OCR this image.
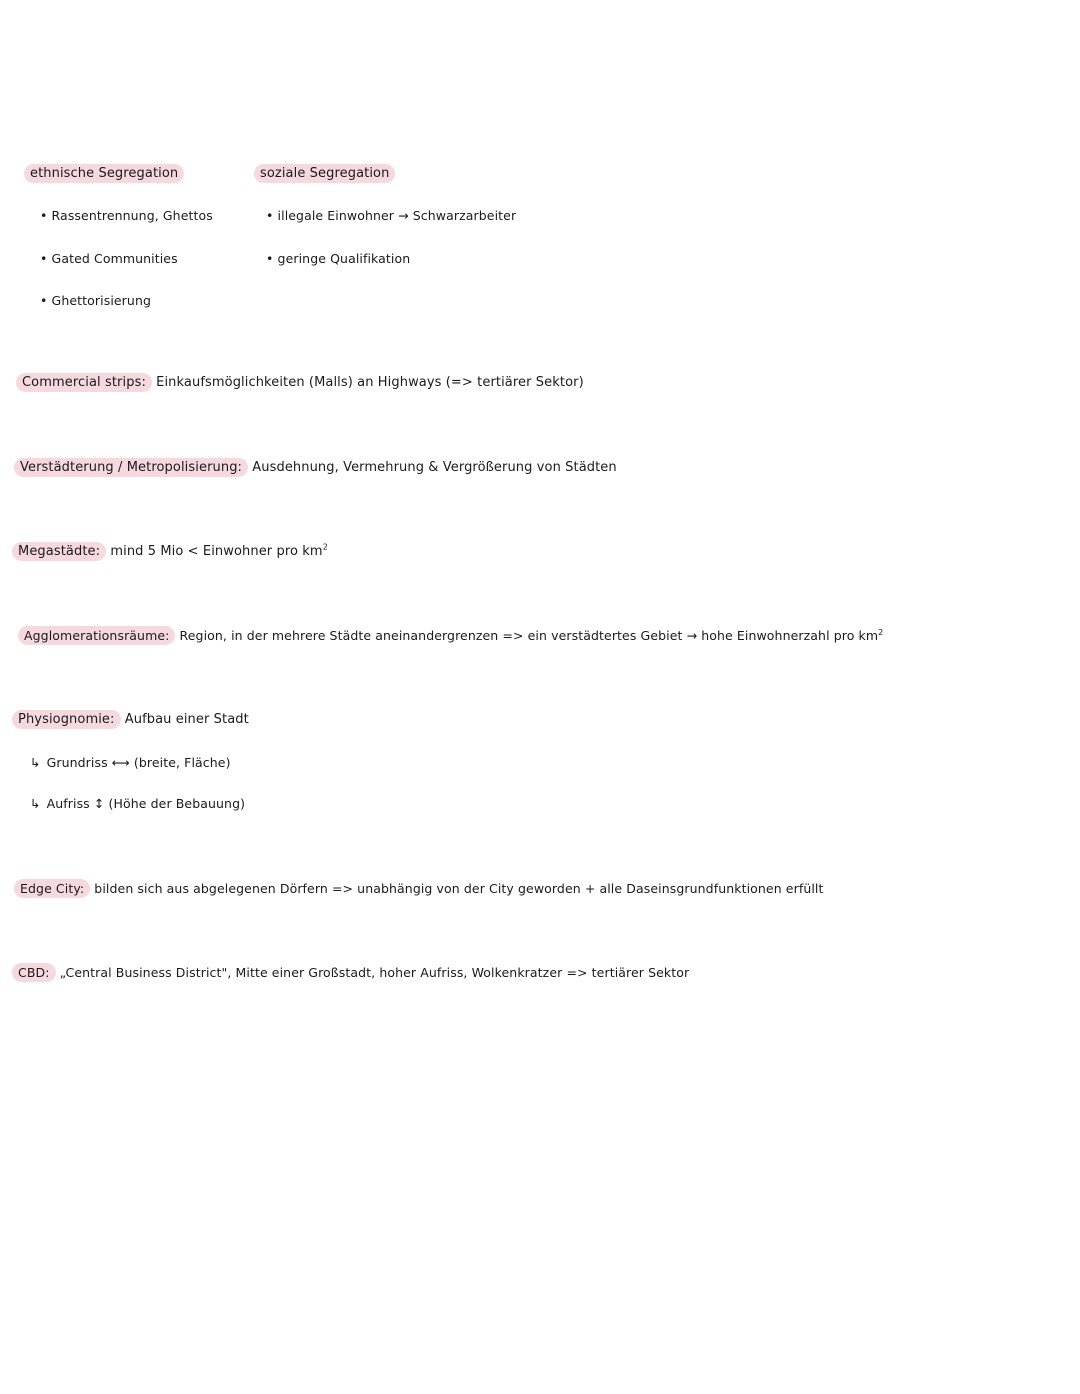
ethnische Segregation	soziale Segregation
• Rassentrennung, Ghettos
• Gated Communities
• Ghettorisierung
• illegale Einwohner → Schwarzarbeiter
• geringe Qualifikation
Commercial strips: Einkaufsmöglichkeiten (Malls) an Highways (=> tertiärer Sektor)
Verstädterung / Metropolisierung: Ausdehnung, Vermehrung & Vergrößerung von Städten
Megastädte: mind 5 Mio < Einwohner pro $km^2$
Agglomerationsräume: Region, in der mehrere Städte aneinandergrenzen => ein verstädtertes Gebiet → hohe Einwohnerzahl pro $km^2$
Physiognomie: Aufbau einer Stadt
↳ Grundriss ⟷ (breite, Fläche)
↳ Aufriss ↕ (Höhe der Bebauung)
Edge City: bilden sich aus abgelegenen Dörfern => unabhängig von der City geworden + alle Daseinsgrundfunktionen erfüllt
CBD: „Central Business District", Mitte einer Großstadt, hoher Aufriss, Wolkenkratzer => tertiärer Sektor
